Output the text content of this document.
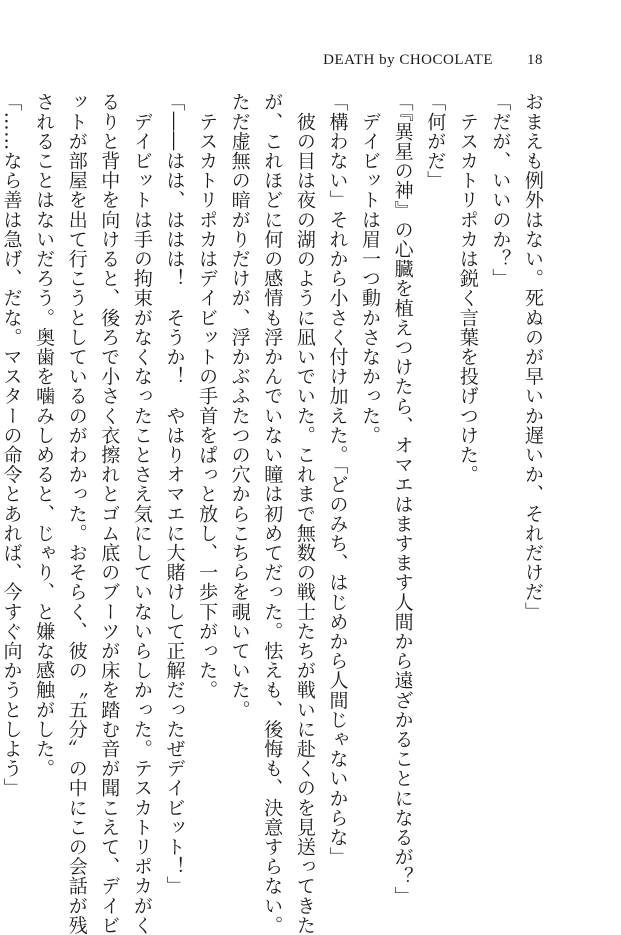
DEATH by CHOCOLATE 18
おまえも例外はない。死ぬのが早いか遅いか、それだけだ」
「だが、いいのか？」
　テスカトリポカは鋭く言葉を投げつけた。
「何がだ」
「『異星の神』の心臓を植えつけたら、オマエはますます人間から遠ざかることになるが？」
　デイビットは眉一つ動かさなかった。
「構わない」それから小さく付け加えた。「どのみち、はじめから人間じゃないからな」
　彼の目は夜の湖のように凪いでいた。これまで無数の戦士たちが戦いに赴くのを見送ってきた
が、これほどに何の感情も浮かんでいない瞳は初めてだった。怯えも、後悔も、決意すらない。
ただ虚無の暗がりだけが、浮かぶふたつの穴からこちらを覗いていた。
　テスカトリポカはデイビットの手首をぱっと放し、一歩下がった。
「――はは、ははは！　そうか！　やはりオマエに大賭けして正解だったぜデイビット！」
　デイビットは手の拘束がなくなったことさえ気にしていないらしかった。テスカトリポカがく
るりと背中を向けると、後ろで小さく衣擦れとゴム底のブーツが床を踏む音が聞こえて、デイビ
ットが部屋を出て行こうとしているのがわかった。おそらく、彼の〝五分〟の中にこの会話が残
されることはないだろう。奥歯を噛みしめると、じゃり、と嫌な感触がした。
「……なら善は急げ、だな。マスターの命令とあれば、今すぐ向かうとしよう」
